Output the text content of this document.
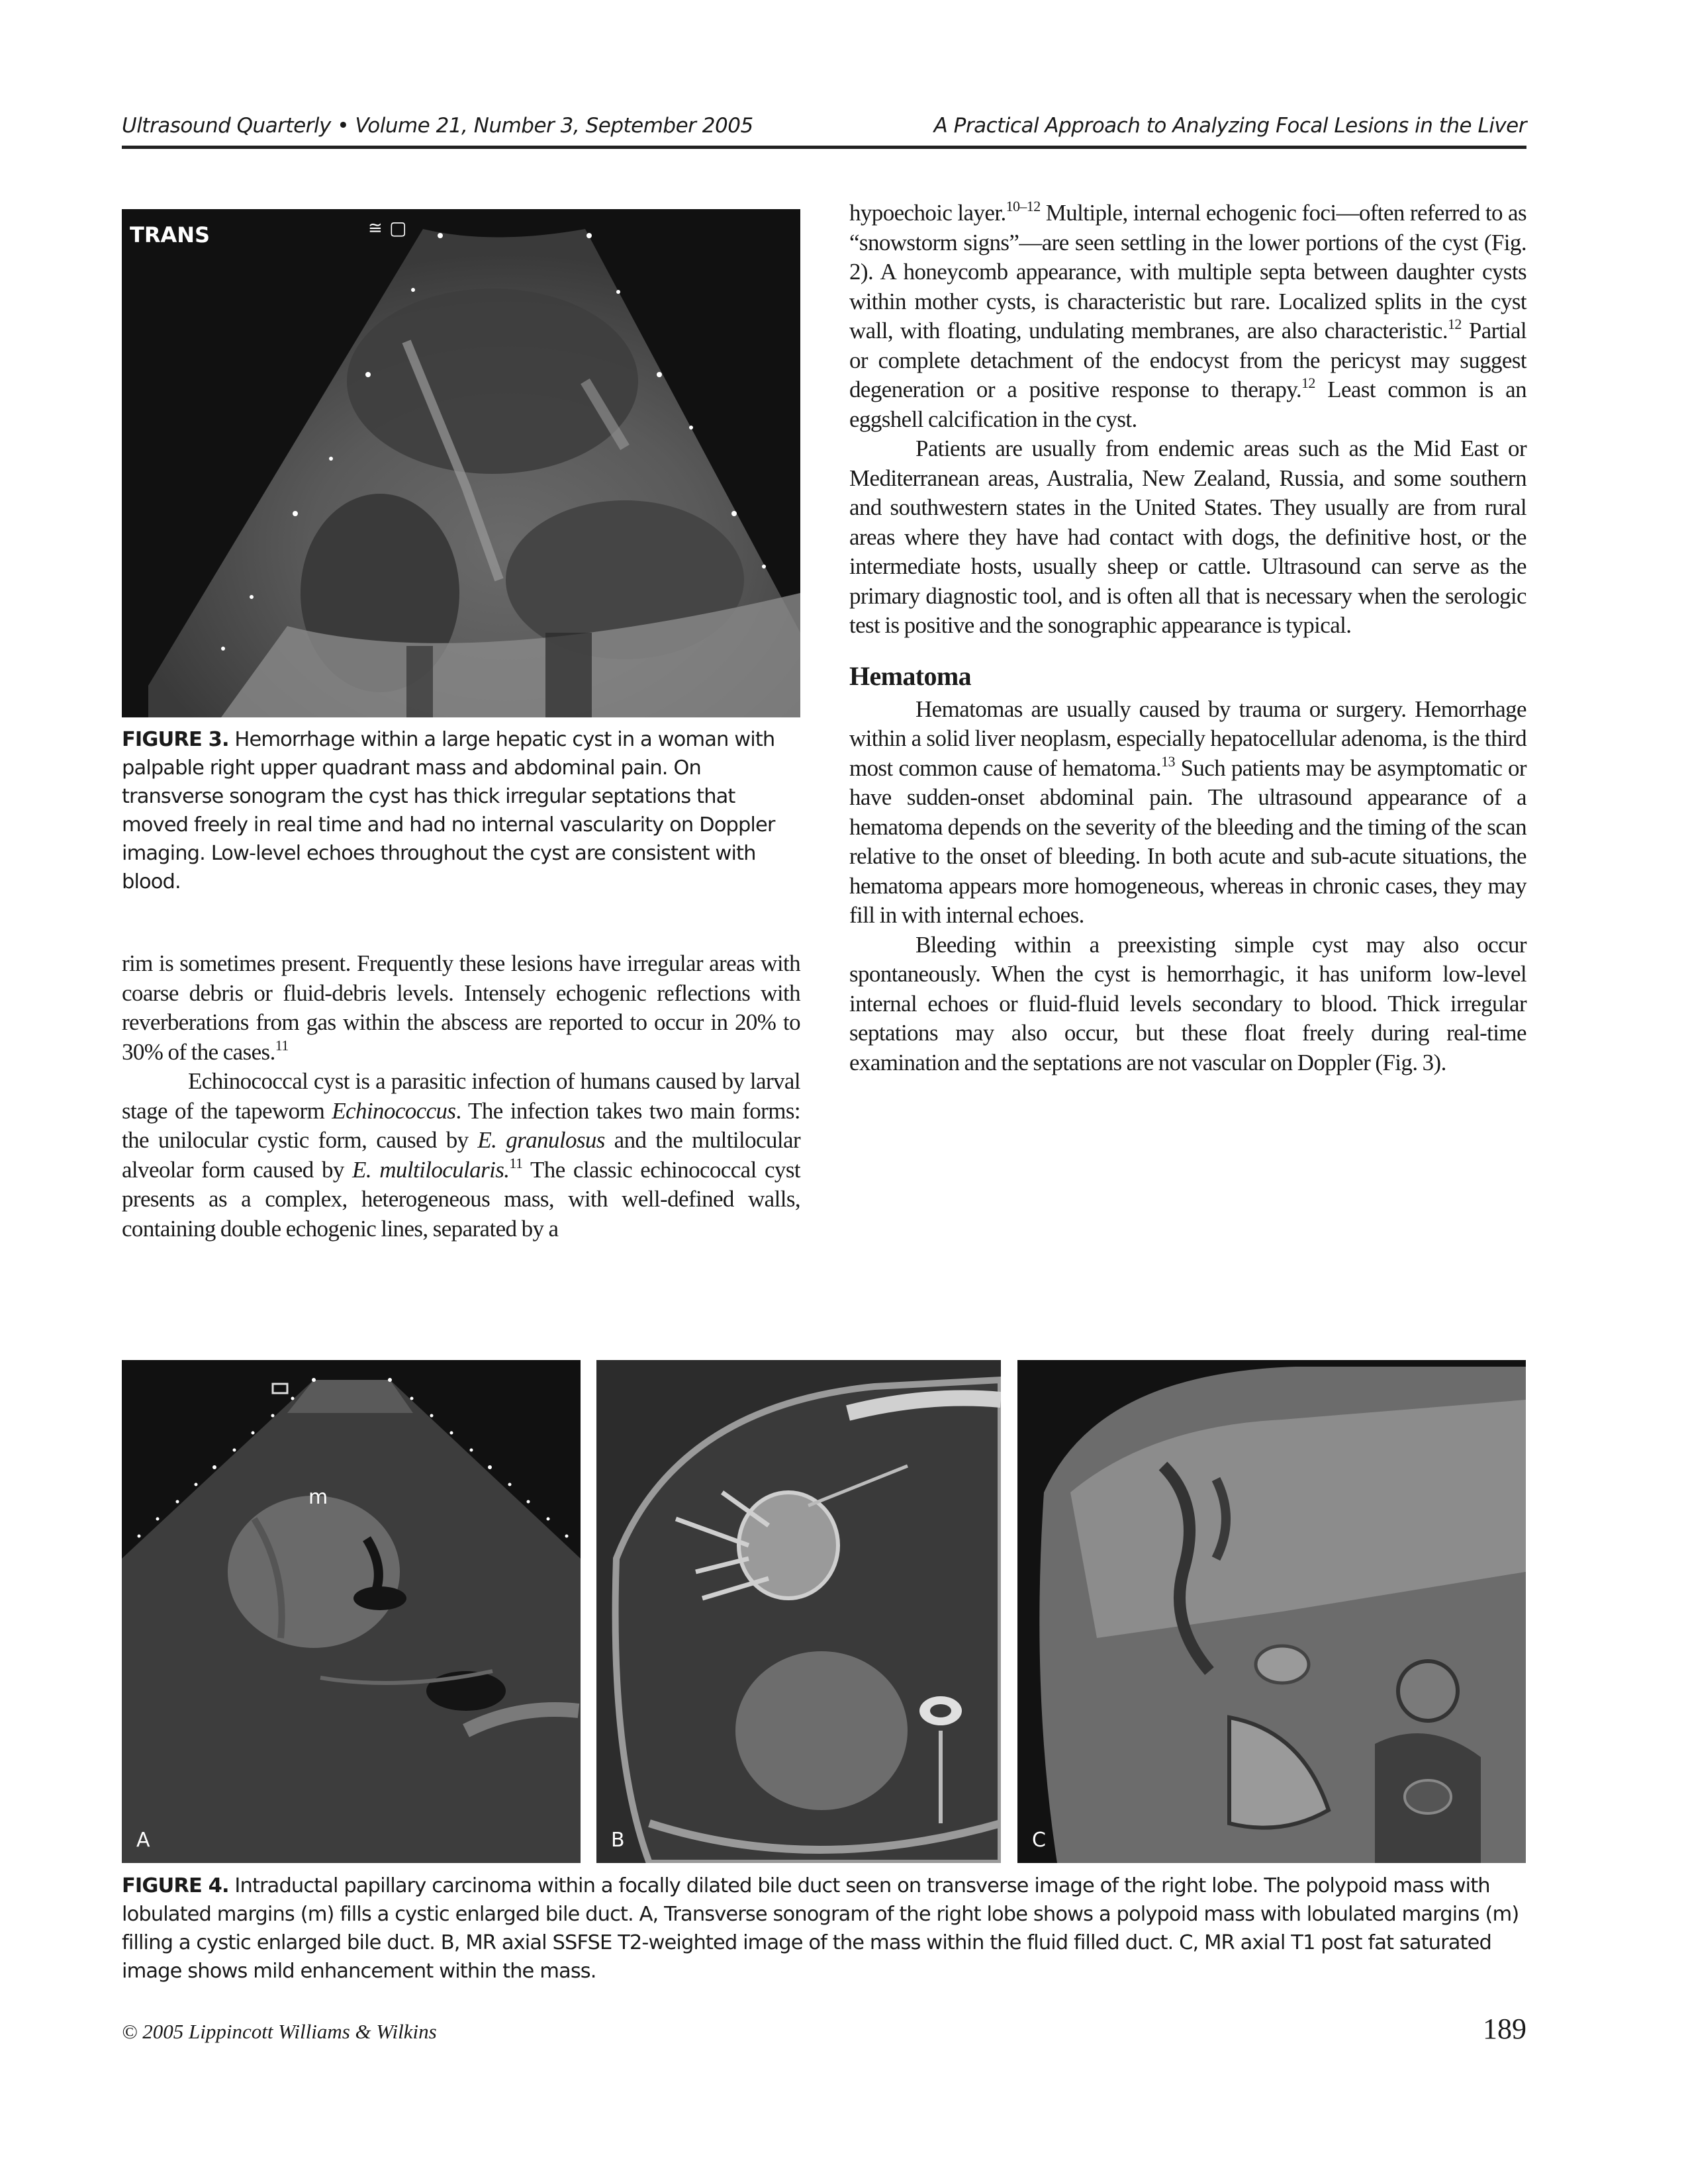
Ultrasound Quarterly • Volume 21, Number 3, September 2005	A Practical Approach to Analyzing Focal Lesions in the Liver
TRANS	≅ ▢
FIGURE 3. Hemorrhage within a large hepatic cyst in a woman with palpable right upper quadrant mass and abdominal pain. On transverse sonogram the cyst has thick irregular septations that moved freely in real time and had no internal vascularity on Doppler imaging. Low-level echoes throughout the cyst are consistent with blood.

rim is sometimes present. Frequently these lesions have irregular areas with coarse debris or fluid-debris levels. Intensely echogenic reflections with reverberations from gas within the abscess are reported to occur in 20% to 30% of the cases.$^{11}$

Echinococcal cyst is a parasitic infection of humans caused by larval stage of the tapeworm Echinococcus. The infection takes two main forms: the unilocular cystic form, caused by E. granulosus and the multilocular alveolar form caused by E. multilocularis.$^{11}$ The classic echinococcal cyst presents as a complex, heterogeneous mass, with well-defined walls, containing double echogenic lines, separated by a

hypoechoic layer.$^{10-12}$ Multiple, internal echogenic foci—often referred to as “snowstorm signs”—are seen settling in the lower portions of the cyst (Fig. 2). A honeycomb appearance, with multiple septa between daughter cysts within mother cysts, is characteristic but rare. Localized splits in the cyst wall, with floating, undulating membranes, are also characteristic.$^{12}$ Partial or complete detachment of the endocyst from the pericyst may suggest degeneration or a positive response to therapy.$^{12}$ Least common is an eggshell calcification in the cyst.

Patients are usually from endemic areas such as the Mid East or Mediterranean areas, Australia, New Zealand, Russia, and some southern and southwestern states in the United States. They usually are from rural areas where they have had contact with dogs, the definitive host, or the intermediate hosts, usually sheep or cattle. Ultrasound can serve as the primary diagnostic tool, and is often all that is necessary when the serologic test is positive and the sonographic appearance is typical.

Hematoma

Hematomas are usually caused by trauma or surgery. Hemorrhage within a solid liver neoplasm, especially hepatocellular adenoma, is the third most common cause of hematoma.$^{13}$ Such patients may be asymptomatic or have sudden-onset abdominal pain. The ultrasound appearance of a hematoma depends on the severity of the bleeding and the timing of the scan relative to the onset of bleeding. In both acute and sub-acute situations, the hematoma appears more homogeneous, whereas in chronic cases, they may fill in with internal echoes.

Bleeding within a preexisting simple cyst may also occur spontaneously. When the cyst is hemorrhagic, it has uniform low-level internal echoes or fluid-fluid levels secondary to blood. Thick irregular septations may also occur, but these float freely during real-time examination and the septations are not vascular on Doppler (Fig. 3).

m
A	B	C
FIGURE 4. Intraductal papillary carcinoma within a focally dilated bile duct seen on transverse image of the right lobe. The polypoid mass with lobulated margins (m) fills a cystic enlarged bile duct. A, Transverse sonogram of the right lobe shows a polypoid mass with lobulated margins (m) filling a cystic enlarged bile duct. B, MR axial SSFSE T2-weighted image of the mass within the fluid filled duct. C, MR axial T1 post fat saturated image shows mild enhancement within the mass.
© 2005 Lippincott Williams & Wilkins	189
